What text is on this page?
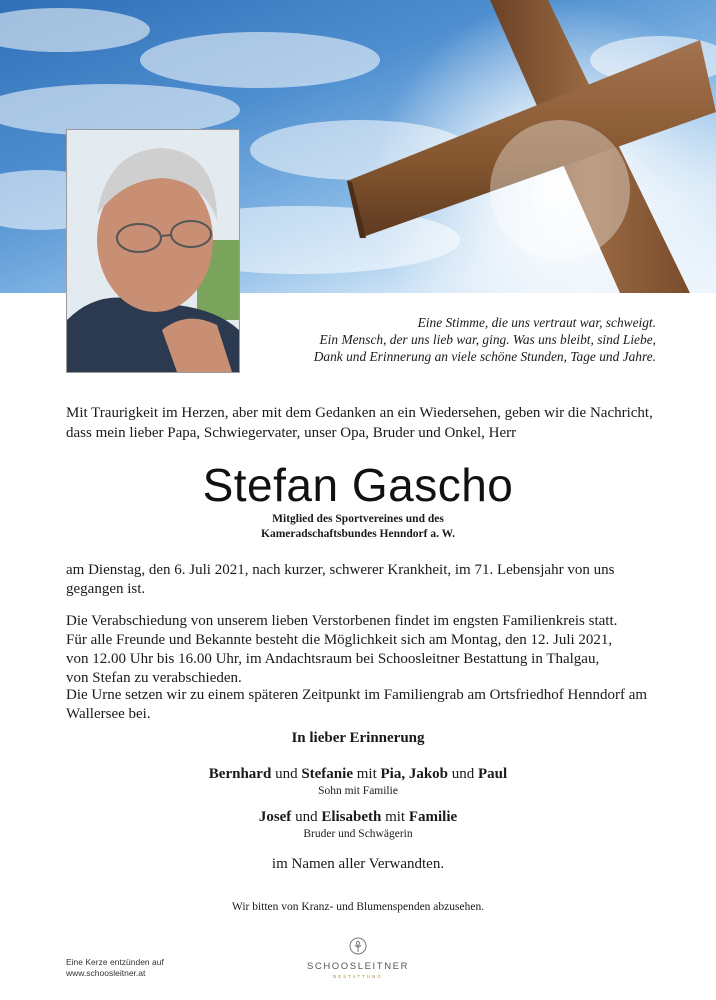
Eine Stimme, die uns vertraut war, schweigt.
Ein Mensch, der uns lieb war, ging. Was uns bleibt, sind Liebe,
Dank und Erinnerung an viele schöne Stunden, Tage und Jahre.
Mit Traurigkeit im Herzen, aber mit dem Gedanken an ein Wiedersehen, geben wir die Nachricht,
dass mein lieber Papa, Schwiegervater, unser Opa, Bruder und Onkel, Herr
Stefan Gascho
Mitglied des Sportvereines und des
Kameradschaftsbundes Henndorf a. W.
am Dienstag, den 6. Juli 2021, nach kurzer, schwerer Krankheit, im 71. Lebensjahr von uns
gegangen ist.
Die Verabschiedung von unserem lieben Verstorbenen findet im engsten Familienkreis statt.
Für alle Freunde und Bekannte besteht die Möglichkeit sich am Montag, den 12. Juli 2021,
von 12.00 Uhr bis 16.00 Uhr, im Andachtsraum bei Schoosleitner Bestattung in Thalgau,
von Stefan zu verabschieden.
Die Urne setzen wir zu einem späteren Zeitpunkt im Familiengrab am Ortsfriedhof Henndorf am
Wallersee bei.
In lieber Erinnerung
Bernhard und Stefanie mit Pia, Jakob und Paul
Sohn mit Familie
Josef und Elisabeth mit Familie
Bruder und Schwägerin
im Namen aller Verwandten.
Wir bitten von Kranz- und Blumenspenden abzusehen.
Eine Kerze entzünden auf
www.schoosleitner.at
SCHOOSLEITNER
BESTATTUNG
